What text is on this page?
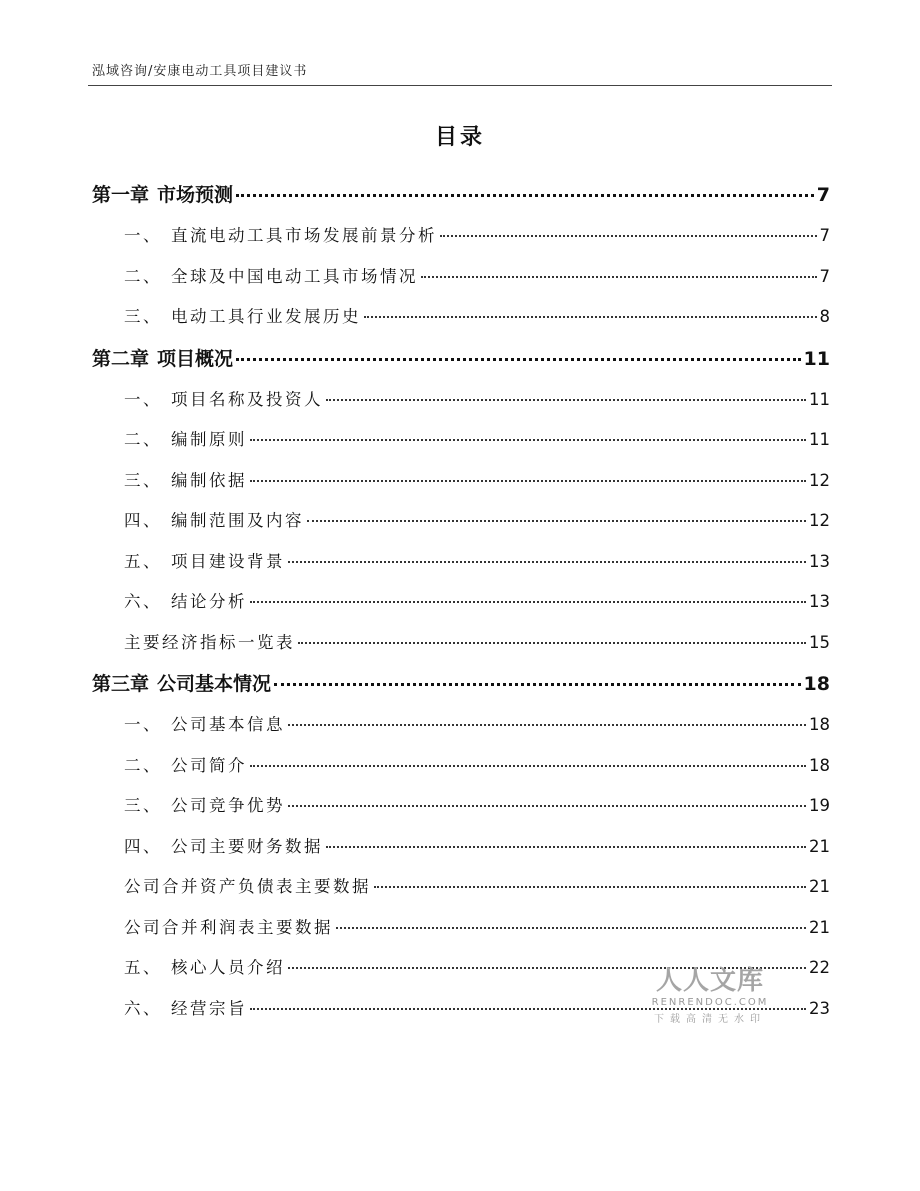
泓域咨询/安康电动工具项目建议书
目录
第一章 市场预测	7
一、 直流电动工具市场发展前景分析	7
二、 全球及中国电动工具市场情况	7
三、 电动工具行业发展历史	8
第二章 项目概况	11
一、 项目名称及投资人	11
二、 编制原则	11
三、 编制依据	12
四、 编制范围及内容	12
五、 项目建设背景	13
六、 结论分析	13
主要经济指标一览表	15
第三章 公司基本情况	18
一、 公司基本信息	18
二、 公司简介	18
三、 公司竞争优势	19
四、 公司主要财务数据	21
公司合并资产负债表主要数据	21
公司合并利润表主要数据	21
五、 核心人员介绍	22
六、 经营宗旨	23
人人文库
RENRENDOC.COM
下载高清无水印
